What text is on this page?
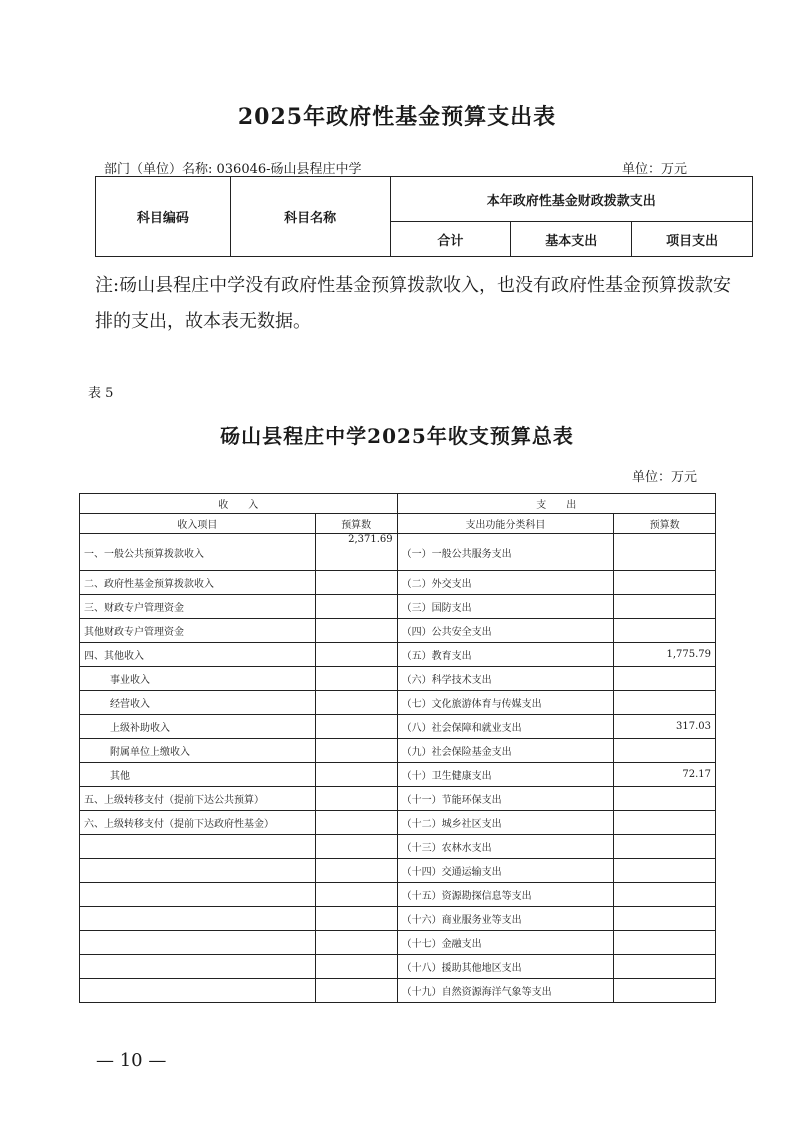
2025年政府性基金预算支出表
部门（单位）名称: 036046-砀山县程庄中学	单位：万元
科目编码	科目名称	本年政府性基金财政拨款支出		
		合计	基本支出	项目支出
注:砀山县程庄中学没有政府性基金预算拨款收入，也没有政府性基金预算拨款安排的支出，故本表无数据。
表 5
砀山县程庄中学2025年收支预算总表
单位：万元
收　　入		支　　出	
收入项目	预算数	支出功能分类科目	预算数
一、一般公共预算拨款收入	2,371.69	（一）一般公共服务支出	
二、政府性基金预算拨款收入		（二）外交支出	
三、财政专户管理资金		（三）国防支出	
其他财政专户管理资金		（四）公共安全支出	
四、其他收入		（五）教育支出	1,775.79
事业收入		（六）科学技术支出	
经营收入		（七）文化旅游体育与传媒支出	
上级补助收入		（八）社会保障和就业支出	317.03
附属单位上缴收入		（九）社会保险基金支出	
其他		（十）卫生健康支出	72.17
五、上级转移支付（提前下达公共预算）		（十一）节能环保支出	
六、上级转移支付（提前下达政府性基金）		（十二）城乡社区支出	
		（十三）农林水支出	
		（十四）交通运输支出	
		（十五）资源勘探信息等支出	
		（十六）商业服务业等支出	
		（十七）金融支出	
		（十八）援助其他地区支出	
		（十九）自然资源海洋气象等支出	
— 10 —
